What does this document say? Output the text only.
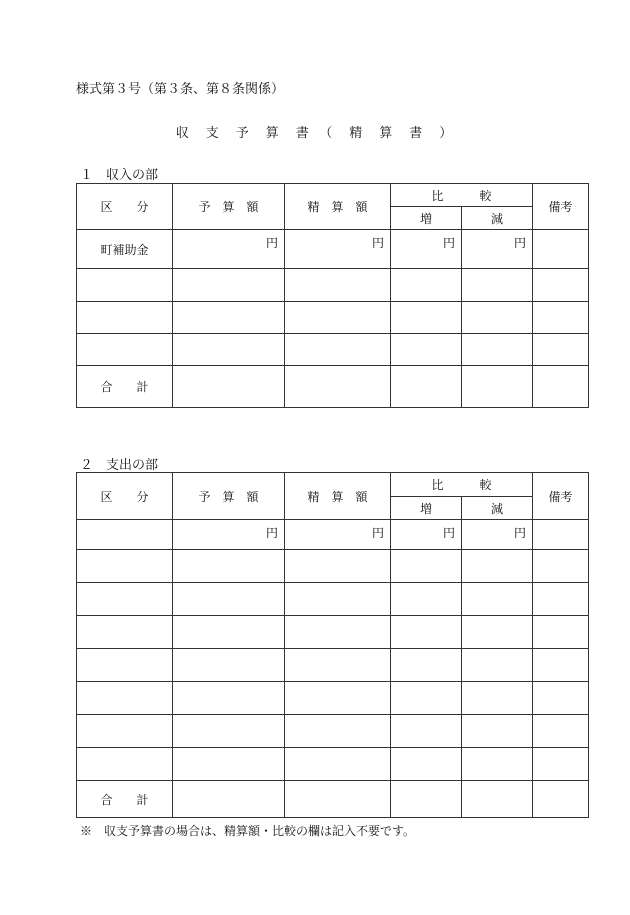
様式第３号（第３条、第８条関係）
収　支　予　算　書　（　精　算　書　）
１　収入の部
区　　分	予　算　額	精　算　額	比　　　較		備考
			増	減	
町補助金	円	円	円	円	

合　　計					
２　支出の部
区　　分	予　算　額	精　算　額	比　　　較		備考
			増	減	
	円	円	円	円	

合　　計					
※　収支予算書の場合は、精算額・比較の欄は記入不要です。
